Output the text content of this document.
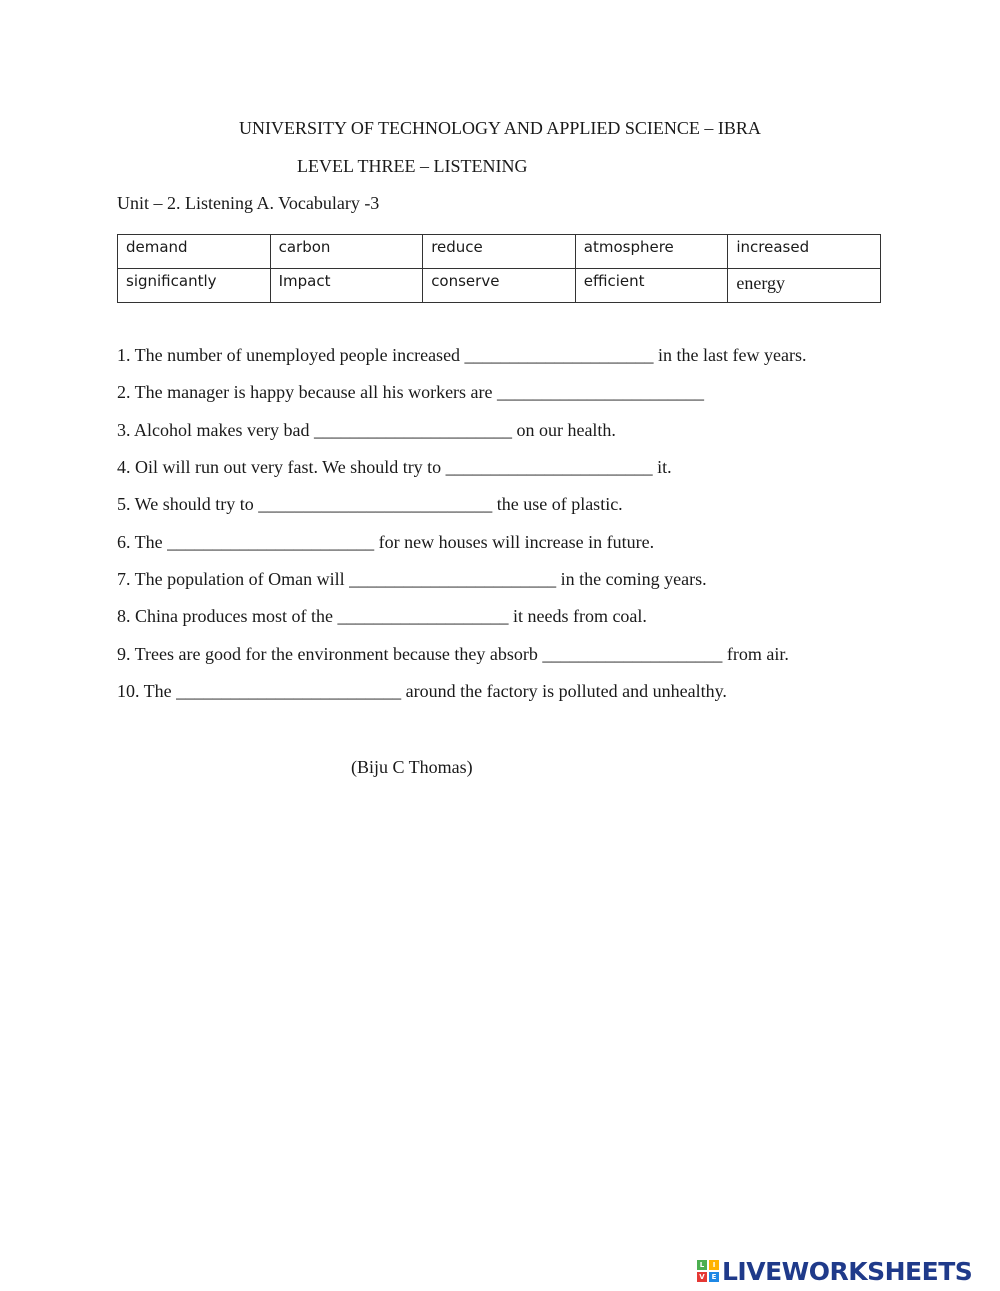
UNIVERSITY OF TECHNOLOGY AND APPLIED SCIENCE – IBRA
LEVEL THREE – LISTENING
Unit – 2. Listening A. Vocabulary -3
demand	carbon	reduce	atmosphere	increased
significantly	Impact	conserve	efficient	energy
1. The number of unemployed people increased _____________________ in the last few years.
2. The manager is happy because all his workers are _______________________
3. Alcohol makes very bad ______________________ on our health.
4. Oil will run out very fast. We should try to _______________________ it.
5. We should try to __________________________ the use of plastic.
6. The _______________________ for new houses will increase in future.
7. The population of Oman will _______________________ in the coming years.
8. China produces most of the ___________________ it needs from coal.
9. Trees are good for the environment because they absorb ____________________ from air.
10. The _________________________ around the factory is polluted and unhealthy.
(Biju C Thomas)
L	I
V E LIVEWORKSHEETS
